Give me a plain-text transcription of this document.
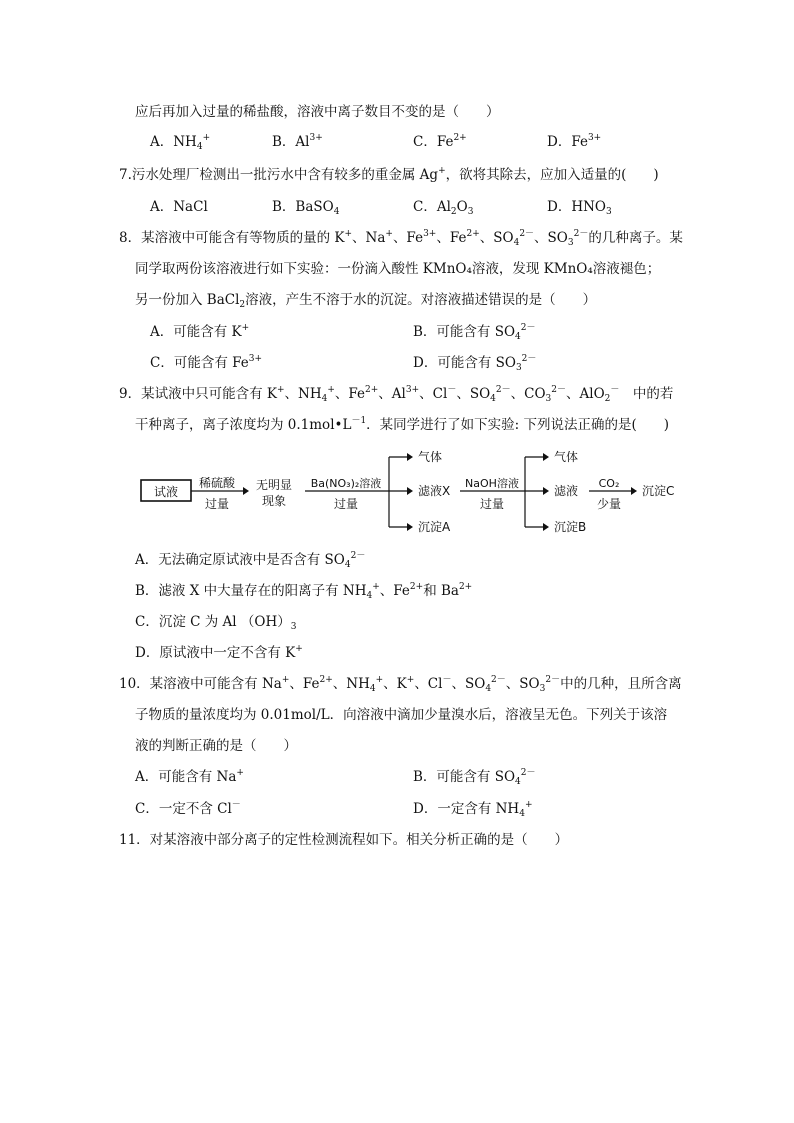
应后再加入过量的稀盐酸，溶液中离子数目不变的是（　　）
A．$NH_4^+$	B．$Al^{3+}$	C．$Fe^{2+}$	D．$Fe^{3+}$
7.污水处理厂检测出一批污水中含有较多的重金属 Ag+，欲将其除去，应加入适量的(　　)
A．NaCl	B．BaSO$_4$	C．$Al_2O_3$	D．$HNO_3$
8．某溶液中可能含有等物质的量的 K+、Na+、$Fe^{3+}$、$Fe^{2+}$、$SO_4^{2-}$、$SO_3^{2-}$的几种离子。某
同学取两份该溶液进行如下实验：一份滴入酸性 KMnO₄溶液，发现 KMnO₄溶液褪色；
另一份加入 BaCl$_2$溶液，产生不溶于水的沉淀。对溶液描述错误的是（　　）
A．可能含有 K+	B．可能含有 $SO_4^{2-}$
C．可能含有 $Fe^{3+}$	D．可能含有 $SO_3^{2-}$
9．某试液中只可能含有 K+、$NH_4^+$、$Fe^{2+}$、$Al^{3+}$、Cl－、$SO_4^{2-}$、$CO_3^{2-}$、AlO$_2$－  中的若
干种离子，离子浓度均为 $0.1mol•L^{-1}$．某同学进行了如下实验: 下列说法正确的是(　　)
试液
稀硫酸
过量
无明显
现象
Ba(NO₃)₂溶液
过量
气体
滤液X
沉淀A
NaOH溶液
过量
气体
滤液
沉淀B
CO₂
少量
沉淀C
A．无法确定原试液中是否含有 $SO_4^{2-}$
B．滤液 X 中大量存在的阳离子有 $NH_4^+$、$Fe^{2+}$和 $Ba^{2+}$
C．沉淀 C 为 Al $(OH)_3$
D．原试液中一定不含有 K+
10．某溶液中可能含有 Na+、$Fe^{2+}$、$NH_4^+$、K+、Cl－、$SO_4^{2-}$、$SO_3^{2-}$中的几种，且所含离
子物质的量浓度均为 0.01mol/L．向溶液中滴加少量溴水后，溶液呈无色。下列关于该溶
液的判断正确的是（　　）
A．可能含有 Na+	B．可能含有 $SO_4^{2-}$
C．一定不含 Cl－	D．一定含有 $NH_4^+$
11．对某溶液中部分离子的定性检测流程如下。相关分析正确的是（　　）
